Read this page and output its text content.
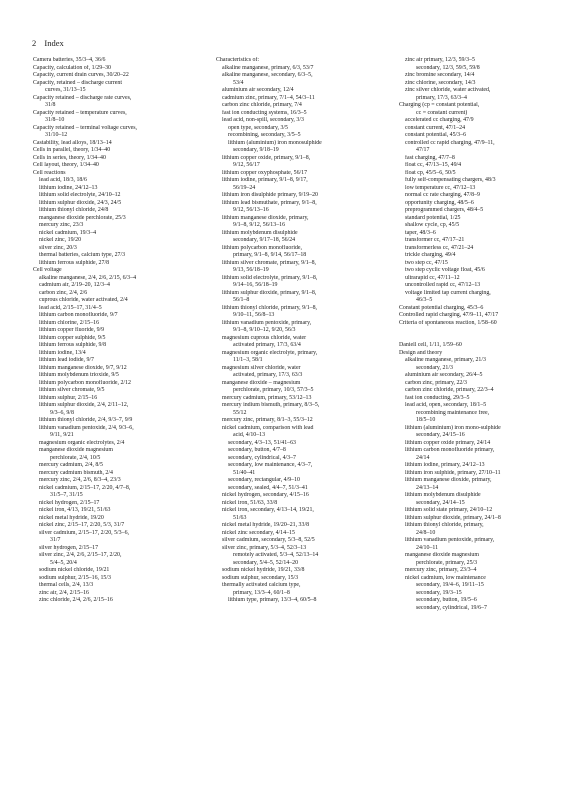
2 Index
Camera batteries, 35/3–4, 36/6
Capacity, calculation of, 1/29–30
Capacity, current drain curves, 30/20–22
Capacity, retained – discharge current
curves, 31/13–15
Capacity retained – discharge rate curves,
31/8
Capacity retained – temperature curves,
31/8–10
Capacity retained – terminal voltage curves,
31/10–12
Castability, lead alloys, 18/13–14
Cells in parallel, theory, 1/34–40
Cells in series, theory, 1/34–40
Cell layout, theory, 1/34–40
Cell reactions
lead acid, 18/3, 18/6
lithium iodine, 24/12–13
lithium solid electrolyte, 24/10–12
lithium sulphur dioxide, 24/3, 24/5
lithium thionyl chloride, 24/8
manganese dioxide perchlorate, 25/3
mercury zinc, 23/3
nickel cadmium, 19/3–4
nickel zinc, 19/20
silver zinc, 20/3
thermal batteries, calcium type, 27/3
lithium ferrous sulphide, 27/8
Cell voltage
alkaline manganese, 2/4, 2/6, 2/15, 6/3–4
cadmium air, 2/19–20, 12/3–4
carbon zinc, 2/4, 2/6
cuprous chloride, water activated, 2/4
lead acid, 2/15–17, 31/4–5
lithium carbon monofluoride, 9/7
lithium chlorine, 2/15–16
lithium copper fluoride, 9/9
lithium copper sulphide, 9/5
lithium ferrous sulphide, 9/8
lithium iodine, 13/4
lithium lead iodide, 9/7
lithium manganese dioxide, 9/7, 9/12
lithium molybdenum trioxide, 9/5
lithium polycarbon monofluoride, 2/12
lithium silver chromate, 9/5
lithium sulphur, 2/15–16
lithium sulphur dioxide, 2/4, 2/11–12,
9/3–6, 9/8
lithium thionyl chloride, 2/4, 9/3–7, 9/9
lithium vanadium pentoxide, 2/4, 9/3–6,
9/11, 9/21
magnesium organic electrolytes, 2/4
manganese dioxide magnesium
perchlorate, 2/4, 10/5
mercury cadmium, 2/4, 8/5
mercury cadmium bismuth, 2/4
mercury zinc, 2/4, 2/6, 8/3–4, 23/3
nickel cadmium, 2/15–17, 2/20, 4/7–8,
31/5–7, 31/15
nickel hydrogen, 2/15–17
nickel iron, 4/13, 19/21, 51/63
nickel metal hydride, 19/20
nickel zinc, 2/15–17, 2/20, 5/3, 31/7
silver cadmium, 2/15–17, 2/20, 5/3–6,
31/7
silver hydrogen, 2/15–17
silver zinc, 2/4, 2/6, 2/15–17, 2/20,
5/4–5, 20/4
sodium nickel chloride, 19/21
sodium sulphur, 2/15–16, 15/3
thermal cells, 2/4, 13/3
zinc air, 2/4, 2/15–16
zinc chloride, 2/4, 2/6, 2/15–16
Characteristics of:
alkaline manganese, primary, 6/3, 53/7
alkaline manganese, secondary, 6/3–5,
53/4
aluminium air secondary, 12/4
cadmium zinc, primary, 7/1–4, 54/3–11
carbon zinc chloride, primary, 7/4
fast ion conducting systems, 16/3–5
lead acid, non-spill, secondary, 3/3
open type, secondary, 3/5
recombining, secondary, 3/5–5
lithium (aluminium) iron monosulphide
secondary, 9/18–19
lithium copper oxide, primary, 9/1–8,
9/12, 56/17
lithium copper oxyphosphate, 56/17
lithium iodine, primary, 9/1–8, 9/17,
56/19–24
lithium iron disulphide primary, 9/19–20
lithium lead bismuthate, primary, 9/1–8,
9/12, 56/13–16
lithium manganese dioxide, primary,
9/1–8, 9/12, 56/13–16
lithium molybdenum disulphide
secondary, 9/17–18, 56/24
lithium polycarbon monofluoride,
primary, 9/1–8, 9/14, 56/17–18
lithium silver chromate, primary, 9/1–8,
9/13, 56/18–19
lithium solid electrolyte, primary, 9/1–8,
9/14–16, 56/18–19
lithium sulphur dioxide, primary, 9/1–8,
56/1–8
lithium thionyl chloride, primary, 9/1–8,
9/10–11, 56/8–13
lithium vanadium pentoxide, primary,
9/1–8, 9/10–12, 9/20, 56/3
magnesium cuprous chloride, water
activated primary, 17/3, 63/4
magnesium organic electrolyte, primary,
11/1–3, 58/1
magnesium silver chloride, water
activated, primary, 17/3, 63/3
manganese dioxide – magnesium
perchlorate, primary, 10/3, 57/3–5
mercury cadmium, primary, 53/12–13
mercury indium bismuth, primary, 8/3–5,
55/12
mercury zinc, primary, 8/1–3, 55/3–12
nickel cadmium, comparison with lead
acid, 4/10–13
secondary, 4/3–13, 51/41–63
secondary, button, 4/7–8
secondary, cylindrical, 4/3–7
secondary, low maintenance, 4/3–7,
51/40–41
secondary, rectangular, 4/9–10
secondary, sealed, 4/4–7, 51/3–41
nickel hydrogen, secondary, 4/15–16
nickel iron, 51/63, 33/8
nickel iron, secondary, 4/13–14, 19/21,
51/63
nickel metal hydride, 19/20–21, 33/8
nickel zinc secondary, 4/14–15
silver cadmium, secondary, 5/3–8, 52/5
silver zinc, primary, 5/3–4, 52/3–13
remotely activated, 5/3–4, 52/13–14
secondary, 5/4–5, 52/14–20
sodium nickel hydride, 19/21, 33/8
sodium sulphur, secondary, 15/3
thermally activated calcium type,
primary, 13/3–4, 60/1–8
lithium type, primary, 13/3–4, 60/5–8
zinc air primary, 12/3, 59/3–5
secondary, 12/3, 59/5, 59/8
zinc bromine secondary, 14/4
zinc chlorine, secondary, 14/3
zinc silver chloride, water activated,
primary, 17/3, 63/3–4
Charging (cp = constant potential,
cc = constant current)
accelerated cc charging, 47/9
constant current, 47/1–24
constant potential, 45/3–6
controlled cc rapid charging, 47/9–11,
47/17
fast charging, 47/7–8
float cc, 47/13–15, 49/4
float cp, 45/5–6, 50/5
fully self-compensating chargers, 48/3
low temperature cc, 47/12–13
normal cc rate charging, 47/8–9
opportunity charging, 48/5–6
preprogrammed chargers, 48/4–5
standard potential, 1/25
shallow cycle, cp, 45/5
taper, 48/3–6
transformer cc, 47/17–21
transformerless cc, 47/21–24
trickle charging, 49/4
two step cc, 47/15
two step cyclic voltage float, 45/6
ultrarapid cc, 47/11–12
uncontrolled rapid cc, 47/12–13
voltage limited tap current charging,
46/3–5
Constant potential charging, 45/3–6
Controlled rapid charging, 47/9–11, 47/17
Criteria of spontaneous reaction, 1/58–60
Daniell cell, 1/11, 1/59–60
Design and theory
alkaline manganese, primary, 21/3
secondary, 21/3
aluminium air secondary, 26/4–5
carbon zinc, primary, 22/3
carbon zinc chloride, primary, 22/3–4
fast ion conducting, 29/3–5
lead acid, open, secondary, 18/1–5
recombining maintenance free,
18/5–10
lithium (aluminium) iron mono-sulphide
secondary, 24/15–16
lithium copper oxide primary, 24/14
lithium carbon monofluoride primary,
24/14
lithium iodine, primary, 24/12–13
lithium iron sulphide, primary, 27/10–11
lithium manganese dioxide, primary,
24/13–14
lithium molybdenum disulphide
secondary, 24/14–15
lithium solid state primary, 24/10–12
lithium sulphur dioxide, primary, 24/1–8
lithium thionyl chloride, primary,
24/8–10
lithium vanadium pentoxide, primary,
24/10–11
manganese dioxide magnesium
perchlorate, primary, 25/3
mercury zinc, primary, 23/3–4
nickel cadmium, low maintenance
secondary, 19/4–6, 19/11–15
secondary, 19/3–15
secondary, button, 19/5–6
secondary, cylindrical, 19/6–7
